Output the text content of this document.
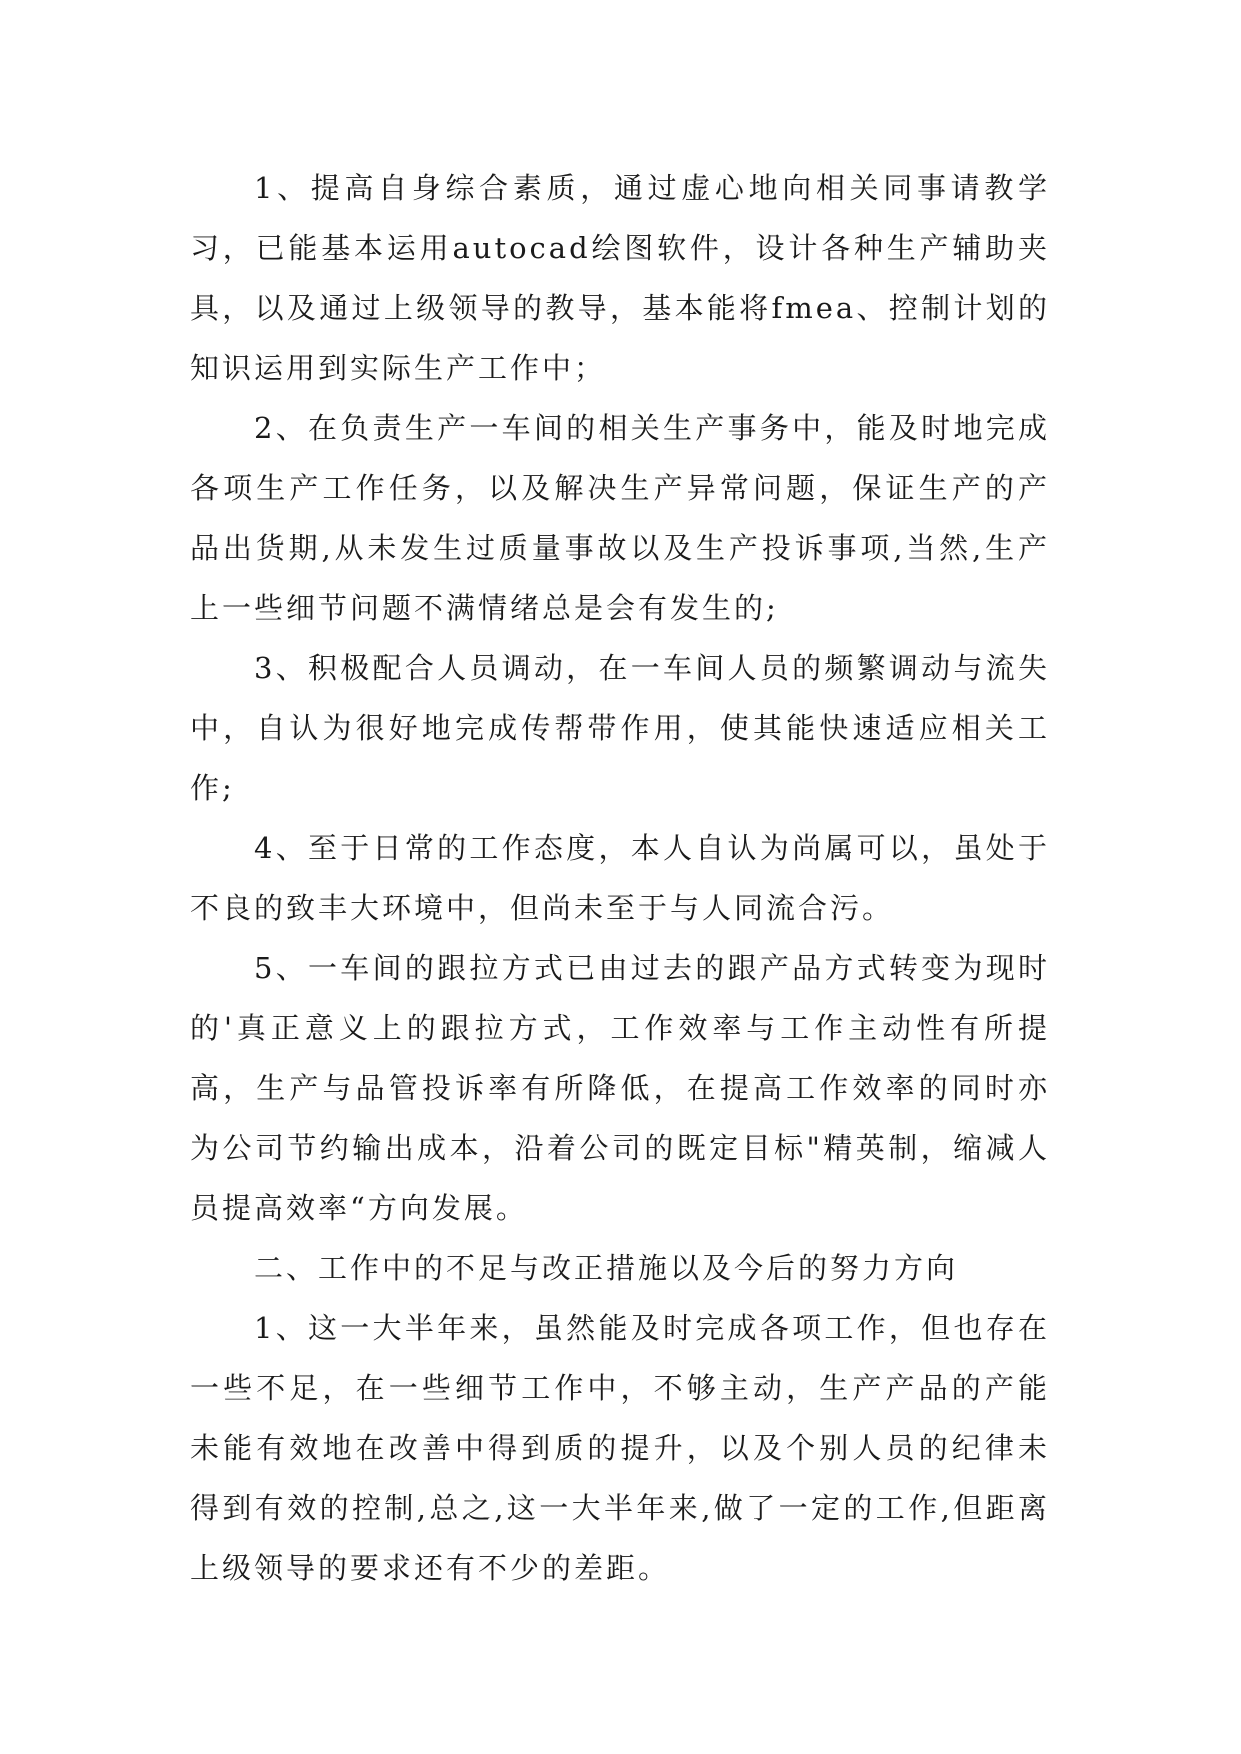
1、提高自身综合素质，通过虚心地向相关同事请教学习，已能基本运用autocad绘图软件，设计各种生产辅助夹具，以及通过上级领导的教导，基本能将fmea、控制计划的知识运用到实际生产工作中；

2、在负责生产一车间的相关生产事务中，能及时地完成各项生产工作任务，以及解决生产异常问题，保证生产的产品出货期,从未发生过质量事故以及生产投诉事项,当然,生产上一些细节问题不满情绪总是会有发生的;

3、积极配合人员调动，在一车间人员的频繁调动与流失中，自认为很好地完成传帮带作用，使其能快速适应相关工作;

4、至于日常的工作态度，本人自认为尚属可以，虽处于不良的致丰大环境中，但尚未至于与人同流合污。

5、一车间的跟拉方式已由过去的跟产品方式转变为现时的'真正意义上的跟拉方式，工作效率与工作主动性有所提高，生产与品管投诉率有所降低，在提高工作效率的同时亦为公司节约输出成本，沿着公司的既定目标"精英制，缩减人员提高效率“方向发展。

二、工作中的不足与改正措施以及今后的努力方向

1、这一大半年来，虽然能及时完成各项工作，但也存在一些不足，在一些细节工作中，不够主动，生产产品的产能未能有效地在改善中得到质的提升，以及个别人员的纪律未得到有效的控制,总之,这一大半年来,做了一定的工作,但距离上级领导的要求还有不少的差距。
